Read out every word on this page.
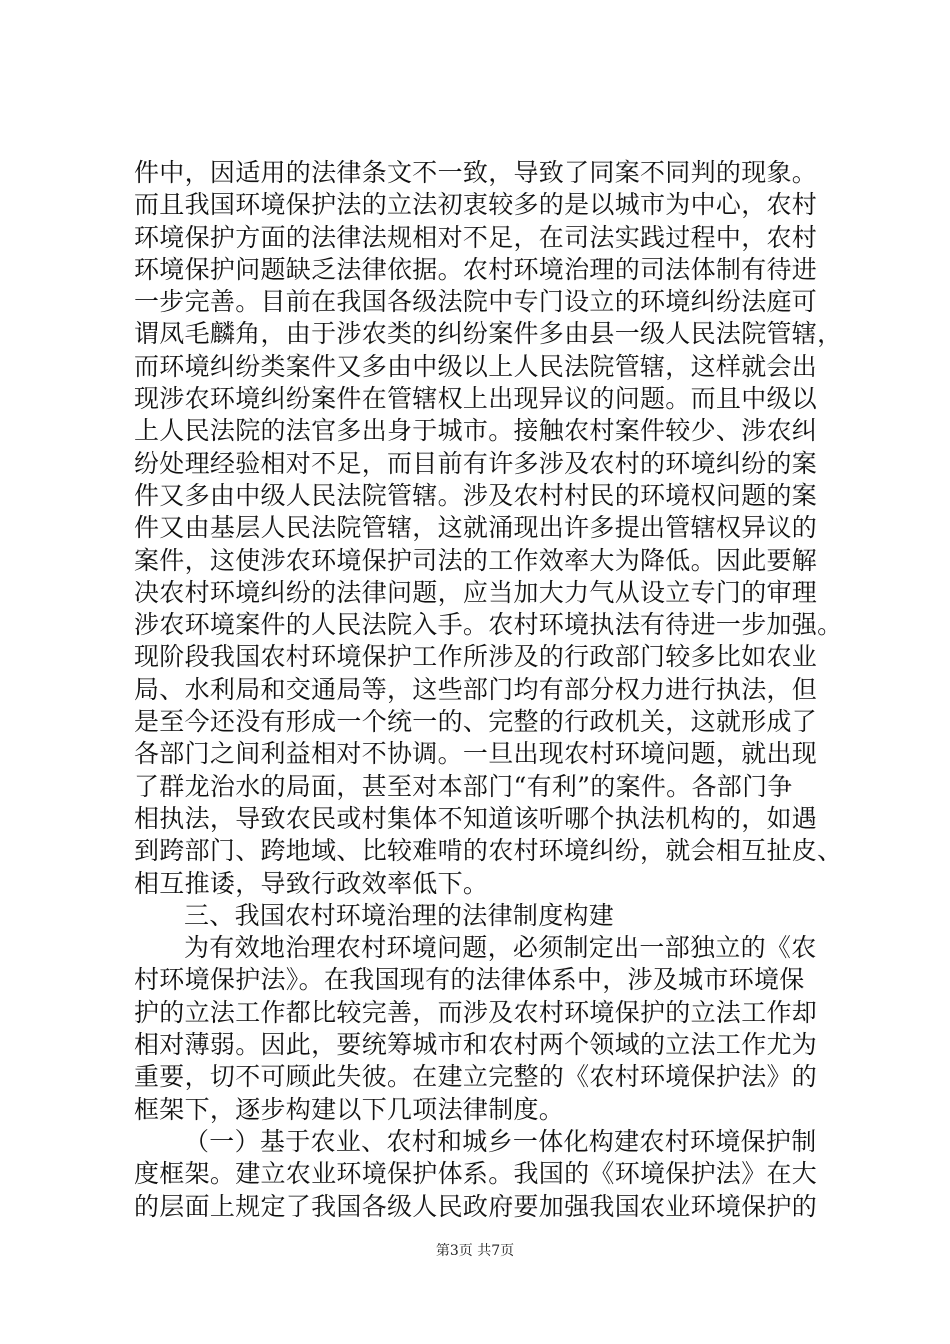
件中，因适用的法律条文不一致，导致了同案不同判的现象。
而且我国环境保护法的立法初衷较多的是以城市为中心，农村
环境保护方面的法律法规相对不足，在司法实践过程中，农村
环境保护问题缺乏法律依据。农村环境治理的司法体制有待进
一步完善。目前在我国各级法院中专门设立的环境纠纷法庭可
谓凤毛麟角，由于涉农类的纠纷案件多由县一级人民法院管辖，
而环境纠纷类案件又多由中级以上人民法院管辖，这样就会出
现涉农环境纠纷案件在管辖权上出现异议的问题。而且中级以
上人民法院的法官多出身于城市。接触农村案件较少、涉农纠
纷处理经验相对不足，而目前有许多涉及农村的环境纠纷的案
件又多由中级人民法院管辖。涉及农村村民的环境权问题的案
件又由基层人民法院管辖，这就涌现出许多提出管辖权异议的
案件，这使涉农环境保护司法的工作效率大为降低。因此要解
决农村环境纠纷的法律问题，应当加大力气从设立专门的审理
涉农环境案件的人民法院入手。农村环境执法有待进一步加强。
现阶段我国农村环境保护工作所涉及的行政部门较多比如农业
局、水利局和交通局等，这些部门均有部分权力进行执法，但
是至今还没有形成一个统一的、完整的行政机关，这就形成了
各部门之间利益相对不协调。一旦出现农村环境问题，就出现
了群龙治水的局面，甚至对本部门“有利”的案件。各部门争
相执法，导致农民或村集体不知道该听哪个执法机构的，如遇
到跨部门、跨地域、比较难啃的农村环境纠纷，就会相互扯皮、
相互推诿，导致行政效率低下。
三、我国农村环境治理的法律制度构建
为有效地治理农村环境问题，必须制定出一部独立的《农
村环境保护法》。在我国现有的法律体系中，涉及城市环境保
护的立法工作都比较完善，而涉及农村环境保护的立法工作却
相对薄弱。因此，要统筹城市和农村两个领域的立法工作尤为
重要，切不可顾此失彼。在建立完整的《农村环境保护法》的
框架下，逐步构建以下几项法律制度。
（一）基于农业、农村和城乡一体化构建农村环境保护制
度框架。建立农业环境保护体系。我国的《环境保护法》在大
的层面上规定了我国各级人民政府要加强我国农业环境保护的
第3页 共7页
